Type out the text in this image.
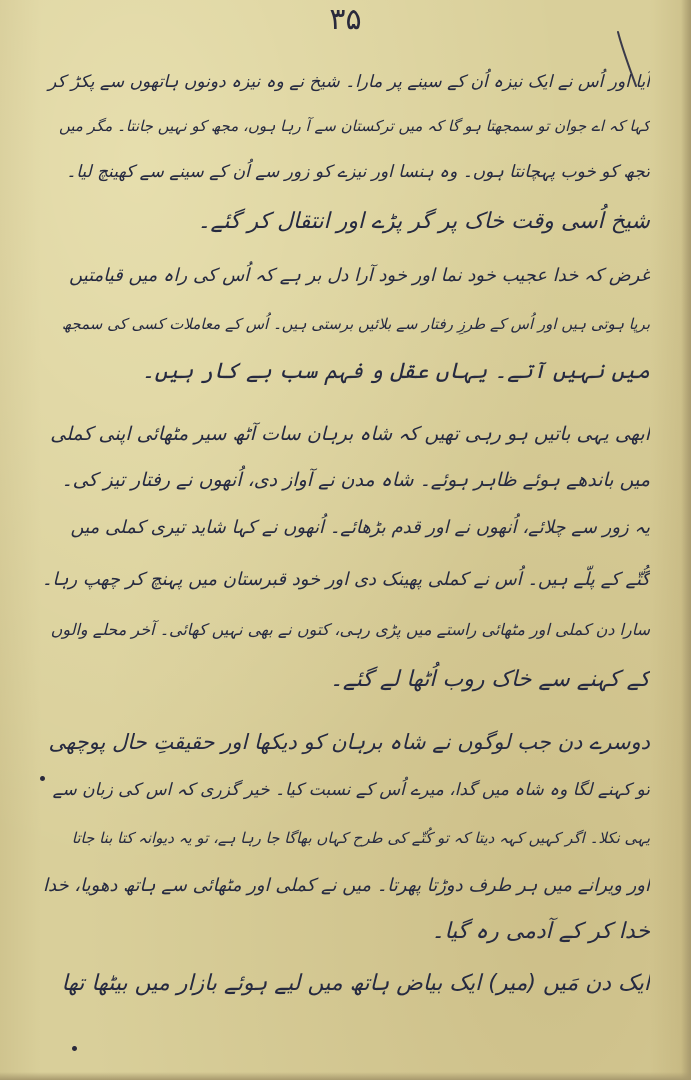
۳۵
آیا اور اُس نے ایک نیزہ اُن کے سینے پر مارا۔ شیخ نے وہ نیزہ دونوں ہاتھوں سے پکڑ کر
کہا کہ اے جوان تو سمجھتا ہو گا کہ میں ترکستان سے آ رہا ہوں، مجھ کو نہیں جانتا۔ مگر میں
تجھ کو خوب پہچانتا ہوں۔ وہ ہنسا اور نیزے کو زور سے اُن کے سینے سے کھینچ لیا۔
شیخ اُسی وقت خاک پر گر پڑے اور انتقال کر گئے۔
غرض کہ خدا عجیب خود نما اور خود آرا دل بر ہے کہ اُس کی راہ میں قیامتیں
برپا ہوتی ہیں اور اُس کے طرزِ رفتار سے بلائیں برستی ہیں۔ اُس کے معاملات کسی کی سمجھ
میں نہیں آتے۔ یہاں عقل و فہم سب بے کار ہیں۔
ابھی یہی باتیں ہو رہی تھیں کہ شاہ برہان سات آٹھ سیر مٹھائی اپنی کملی
میں باندھے ہوئے ظاہر ہوئے۔ شاہ مدن نے آواز دی، اُنھوں نے رفتار تیز کی۔
یہ زور سے چلائے، اُنھوں نے اور قدم بڑھائے۔ اُنھوں نے کہا شاید تیری کملی میں
گُتّے کے پلّے ہیں۔ اُس نے کملی پھینک دی اور خود قبرستان میں پہنچ کر چھپ رہا۔
سارا دن کملی اور مٹھائی راستے میں پڑی رہی، کتوں نے بھی نہیں کھائی۔ آخر محلے والوں
کے کہنے سے خاک روب اُٹھا لے گئے۔
دوسرے دن جب لوگوں نے شاہ برہان کو دیکھا اور حقیقتِ حال پوچھی
تو کہنے لگا وہ شاہ میں گدا، میرے اُس کے نسبت کیا۔ خیر گزری کہ اس کی زبان سے
یہی نکلا۔ اگر کہیں کہہ دیتا کہ تو کُتّے کی طرح کہاں بھاگا جا رہا ہے، تو یہ دیوانہ کتا بنا جاتا
اور ویرانے میں ہر طرف دوڑتا پھرتا۔ میں نے کملی اور مٹھائی سے ہاتھ دھویا، خدا
خدا کر کے آدمی رہ گیا۔
ایک دن مَیں (میر) ایک بیاض ہاتھ میں لیے ہوئے بازار میں بیٹھا تھا
